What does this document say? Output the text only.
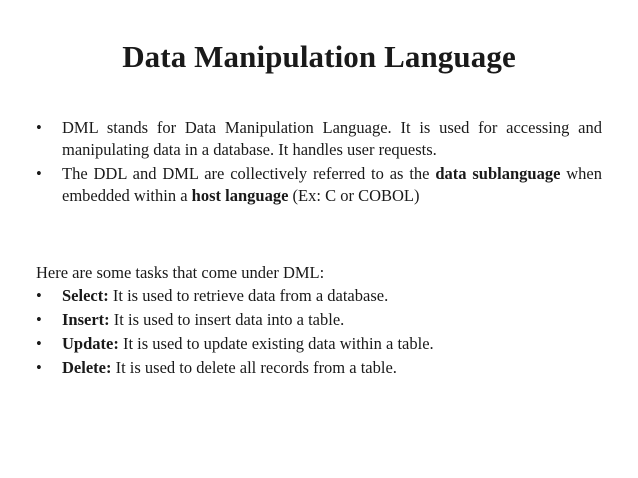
Data Manipulation Language
• DML stands for Data Manipulation Language. It is used for accessing and manipulating data in a database. It handles user requests.
• The DDL and DML are collectively referred to as the data sublanguage when embedded within a host language (Ex: C or COBOL)
Here are some tasks that come under DML:
• Select: It is used to retrieve data from a database.
• Insert: It is used to insert data into a table.
• Update: It is used to update existing data within a table.
• Delete: It is used to delete all records from a table.
